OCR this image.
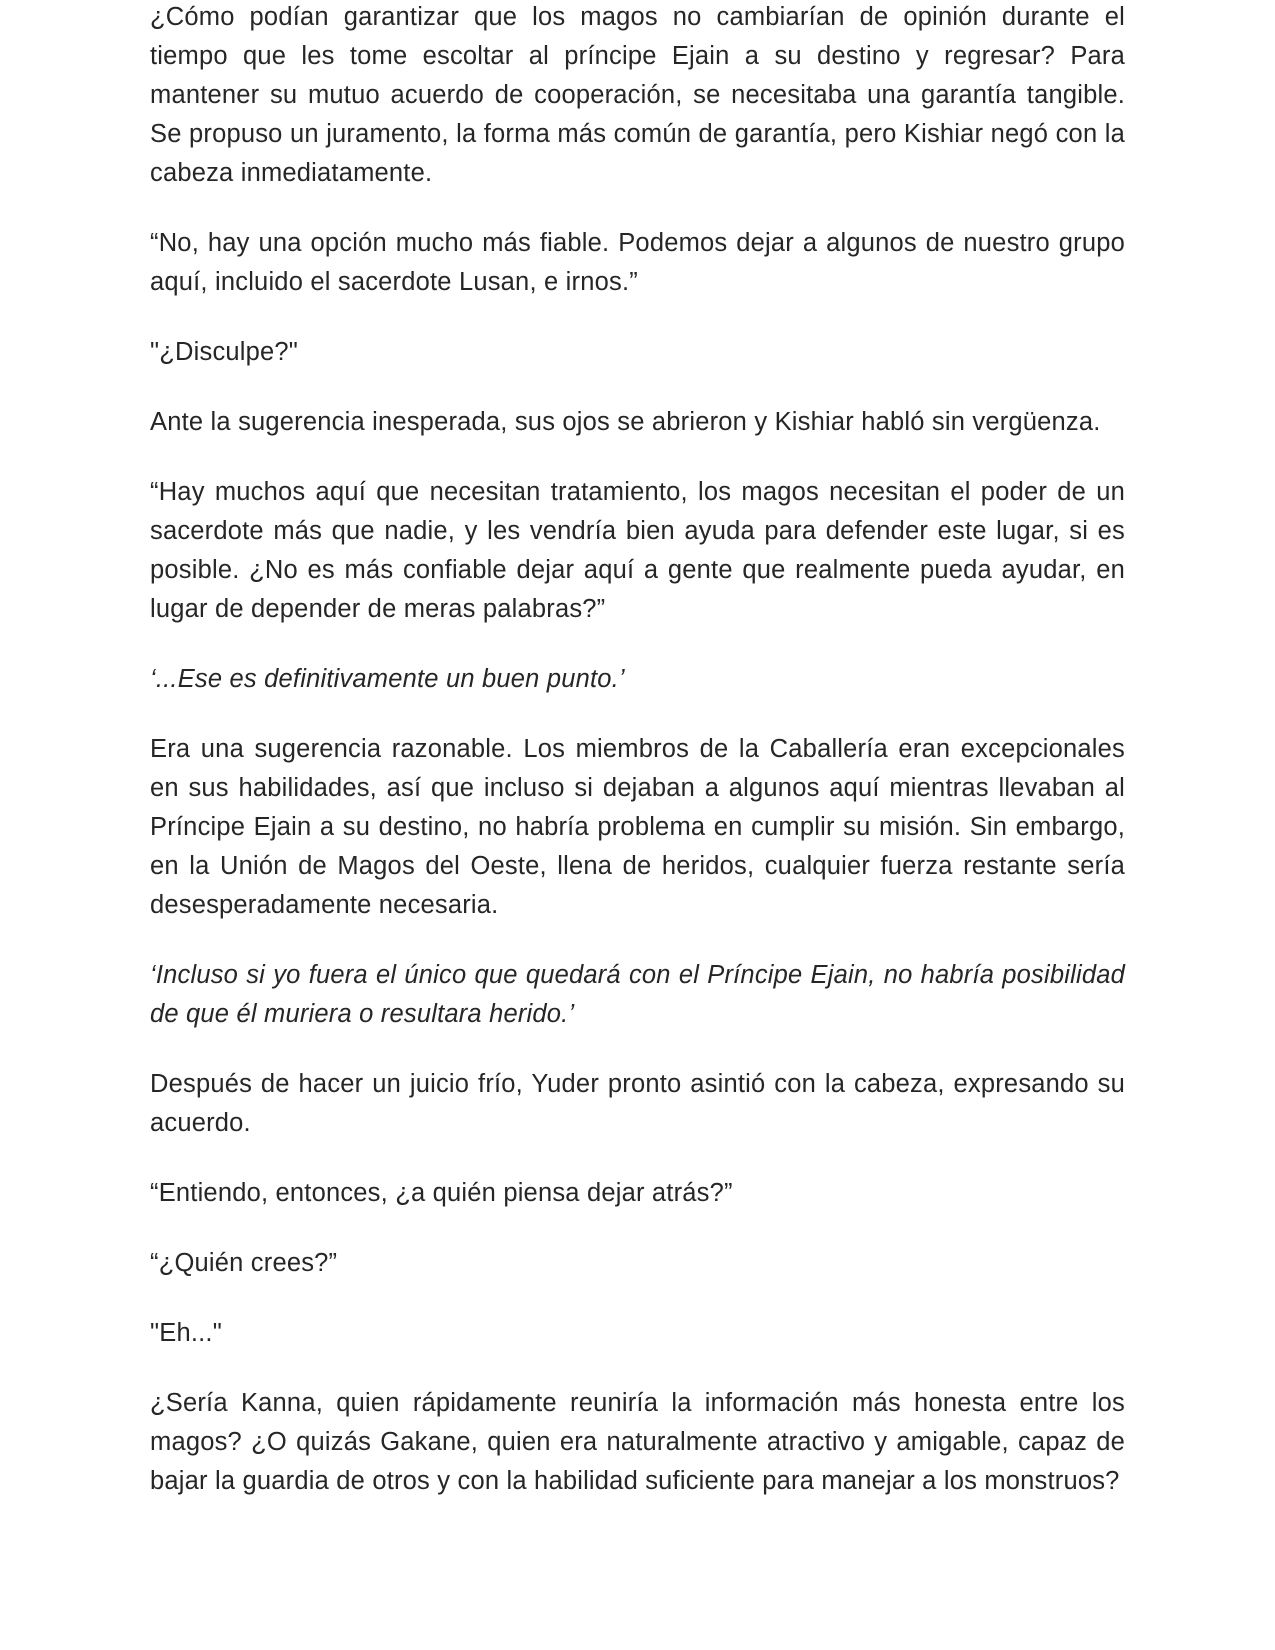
¿Cómo podían garantizar que los magos no cambiarían de opinión durante el tiempo que les tome escoltar al príncipe Ejain a su destino y regresar? Para mantener su mutuo acuerdo de cooperación, se necesitaba una garantía tangible. Se propuso un juramento, la forma más común de garantía, pero Kishiar negó con la cabeza inmediatamente.

“No, hay una opción mucho más fiable. Podemos dejar a algunos de nuestro grupo aquí, incluido el sacerdote Lusan, e irnos.”

"¿Disculpe?"

Ante la sugerencia inesperada, sus ojos se abrieron y Kishiar habló sin vergüenza.

“Hay muchos aquí que necesitan tratamiento, los magos necesitan el poder de un sacerdote más que nadie, y les vendría bien ayuda para defender este lugar, si es posible. ¿No es más confiable dejar aquí a gente que realmente pueda ayudar, en lugar de depender de meras palabras?”

‘...Ese es definitivamente un buen punto.’

Era una sugerencia razonable. Los miembros de la Caballería eran excepcionales en sus habilidades, así que incluso si dejaban a algunos aquí mientras llevaban al Príncipe Ejain a su destino, no habría problema en cumplir su misión. Sin embargo, en la Unión de Magos del Oeste, llena de heridos, cualquier fuerza restante sería desesperadamente necesaria.

‘Incluso si yo fuera el único que quedará con el Príncipe Ejain, no habría posibilidad de que él muriera o resultara herido.’

Después de hacer un juicio frío, Yuder pronto asintió con la cabeza, expresando su acuerdo.

“Entiendo, entonces, ¿a quién piensa dejar atrás?”

“¿Quién crees?”

"Eh..."

¿Sería Kanna, quien rápidamente reuniría la información más honesta entre los magos? ¿O quizás Gakane, quien era naturalmente atractivo y amigable, capaz de bajar la guardia de otros y con la habilidad suficiente para manejar a los monstruos?
